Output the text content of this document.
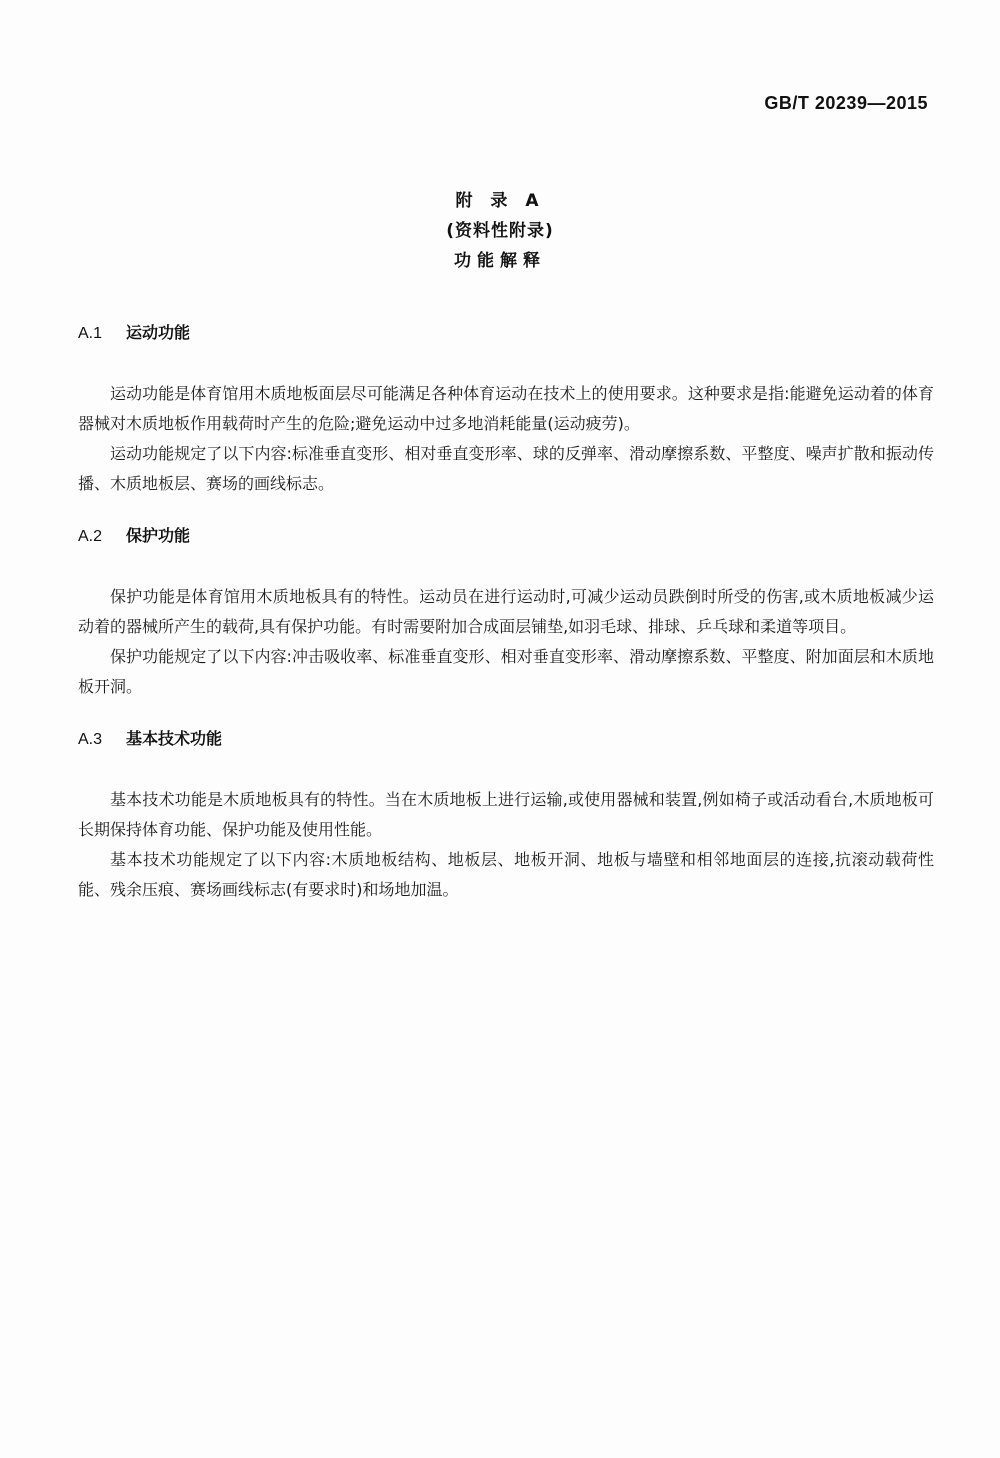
GB/T 20239—2015
附 录 A
(资料性附录)
功能解释
A.1 运动功能

运动功能是体育馆用木质地板面层尽可能满足各种体育运动在技术上的使用要求。这种要求是指:能避免运动着的体育器械对木质地板作用载荷时产生的危险;避免运动中过多地消耗能量(运动疲劳)。

运动功能规定了以下内容:标准垂直变形、相对垂直变形率、球的反弹率、滑动摩擦系数、平整度、噪声扩散和振动传播、木质地板层、赛场的画线标志。

A.2 保护功能

保护功能是体育馆用木质地板具有的特性。运动员在进行运动时,可减少运动员跌倒时所受的伤害,或木质地板减少运动着的器械所产生的载荷,具有保护功能。有时需要附加合成面层铺垫,如羽毛球、排球、乒乓球和柔道等项目。

保护功能规定了以下内容:冲击吸收率、标准垂直变形、相对垂直变形率、滑动摩擦系数、平整度、附加面层和木质地板开洞。

A.3 基本技术功能

基本技术功能是木质地板具有的特性。当在木质地板上进行运输,或使用器械和装置,例如椅子或活动看台,木质地板可长期保持体育功能、保护功能及使用性能。

基本技术功能规定了以下内容:木质地板结构、地板层、地板开洞、地板与墙壁和相邻地面层的连接,抗滚动载荷性能、残余压痕、赛场画线标志(有要求时)和场地加温。
